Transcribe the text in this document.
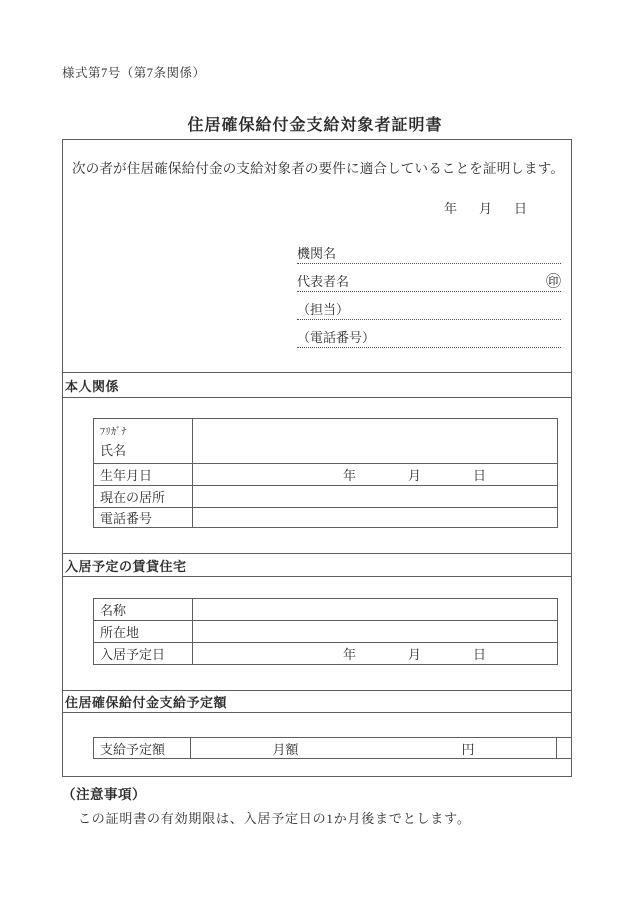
様式第7号（第7条関係）
住居確保給付金支給対象者証明書
次の者が住居確保給付金の支給対象者の要件に適合していることを証明します。
年 月 日
機関名
代表者名	㊞
（担当）
（電話番号）
本人関係
ﾌﾘｶﾞﾅ
氏名
生年月日	年	月	日
現在の居所
電話番号
入居予定の賃貸住宅
名称
所在地
入居予定日	年	月	日
住居確保給付金支給予定額
支給予定額	月額	円
（注意事項）
この証明書の有効期限は、入居予定日の1か月後までとします。
